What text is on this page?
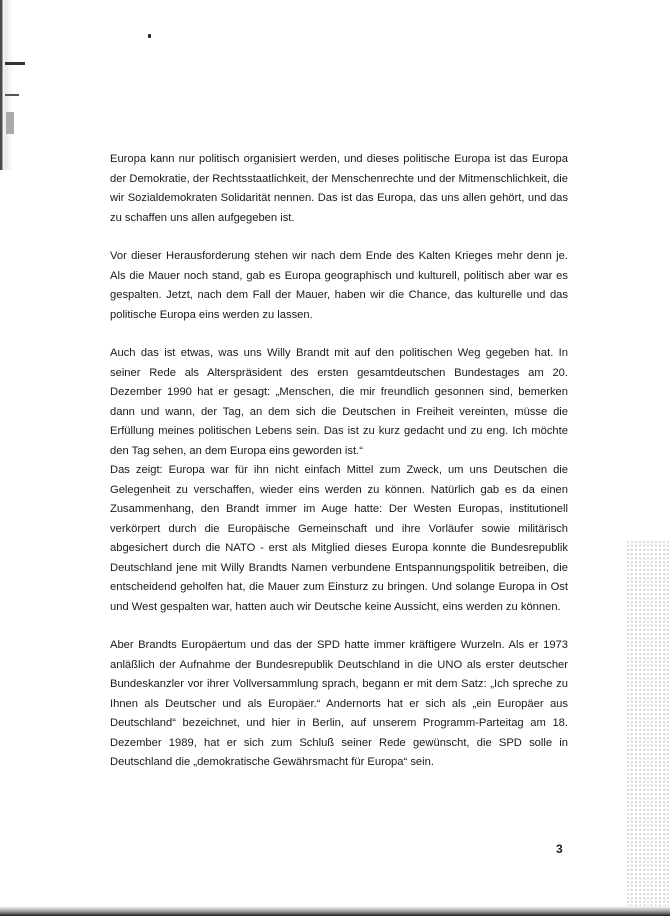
Europa kann nur politisch organisiert werden, und dieses politische Europa ist das Europa der Demokratie, der Rechtsstaatlichkeit, der Menschenrechte und der Mitmenschlichkeit, die wir Sozialdemokraten Solidarität nennen. Das ist das Europa, das uns allen gehört, und das zu schaffen uns allen aufgegeben ist.

Vor dieser Herausforderung stehen wir nach dem Ende des Kalten Krieges mehr denn je. Als die Mauer noch stand, gab es Europa geographisch und kulturell, politisch aber war es gespalten. Jetzt, nach dem Fall der Mauer, haben wir die Chance, das kulturelle und das politische Europa eins werden zu lassen.

Auch das ist etwas, was uns Willy Brandt mit auf den politischen Weg gegeben hat. In seiner Rede als Alterspräsident des ersten gesamtdeutschen Bundestages am 20. Dezember 1990 hat er gesagt: „Menschen, die mir freundlich gesonnen sind, bemerken dann und wann, der Tag, an dem sich die Deutschen in Freiheit vereinten, müsse die Erfüllung meines politischen Lebens sein. Das ist zu kurz gedacht und zu eng. Ich möchte den Tag sehen, an dem Europa eins geworden ist.“

Das zeigt: Europa war für ihn nicht einfach Mittel zum Zweck, um uns Deutschen die Gelegenheit zu verschaffen, wieder eins werden zu können. Natürlich gab es da einen Zusammenhang, den Brandt immer im Auge hatte: Der Westen Europas, institutionell verkörpert durch die Europäische Gemeinschaft und ihre Vorläufer sowie militärisch abgesichert durch die NATO - erst als Mitglied dieses Europa konnte die Bundesrepublik Deutschland jene mit Willy Brandts Namen verbundene Entspannungspolitik betreiben, die entscheidend geholfen hat, die Mauer zum Einsturz zu bringen. Und solange Europa in Ost und West gespalten war, hatten auch wir Deutsche keine Aussicht, eins werden zu können.

Aber Brandts Europäertum und das der SPD hatte immer kräftigere Wurzeln. Als er 1973 anläßlich der Aufnahme der Bundesrepublik Deutschland in die UNO als erster deutscher Bundeskanzler vor ihrer Vollversammlung sprach, begann er mit dem Satz: „Ich spreche zu Ihnen als Deutscher und als Europäer.“ Andernorts hat er sich als „ein Europäer aus Deutschland“ bezeichnet, und hier in Berlin, auf unserem Programm-Parteitag am 18. Dezember 1989, hat er sich zum Schluß seiner Rede gewünscht, die SPD solle in Deutschland die „demokratische Gewährsmacht für Europa“ sein.

3
